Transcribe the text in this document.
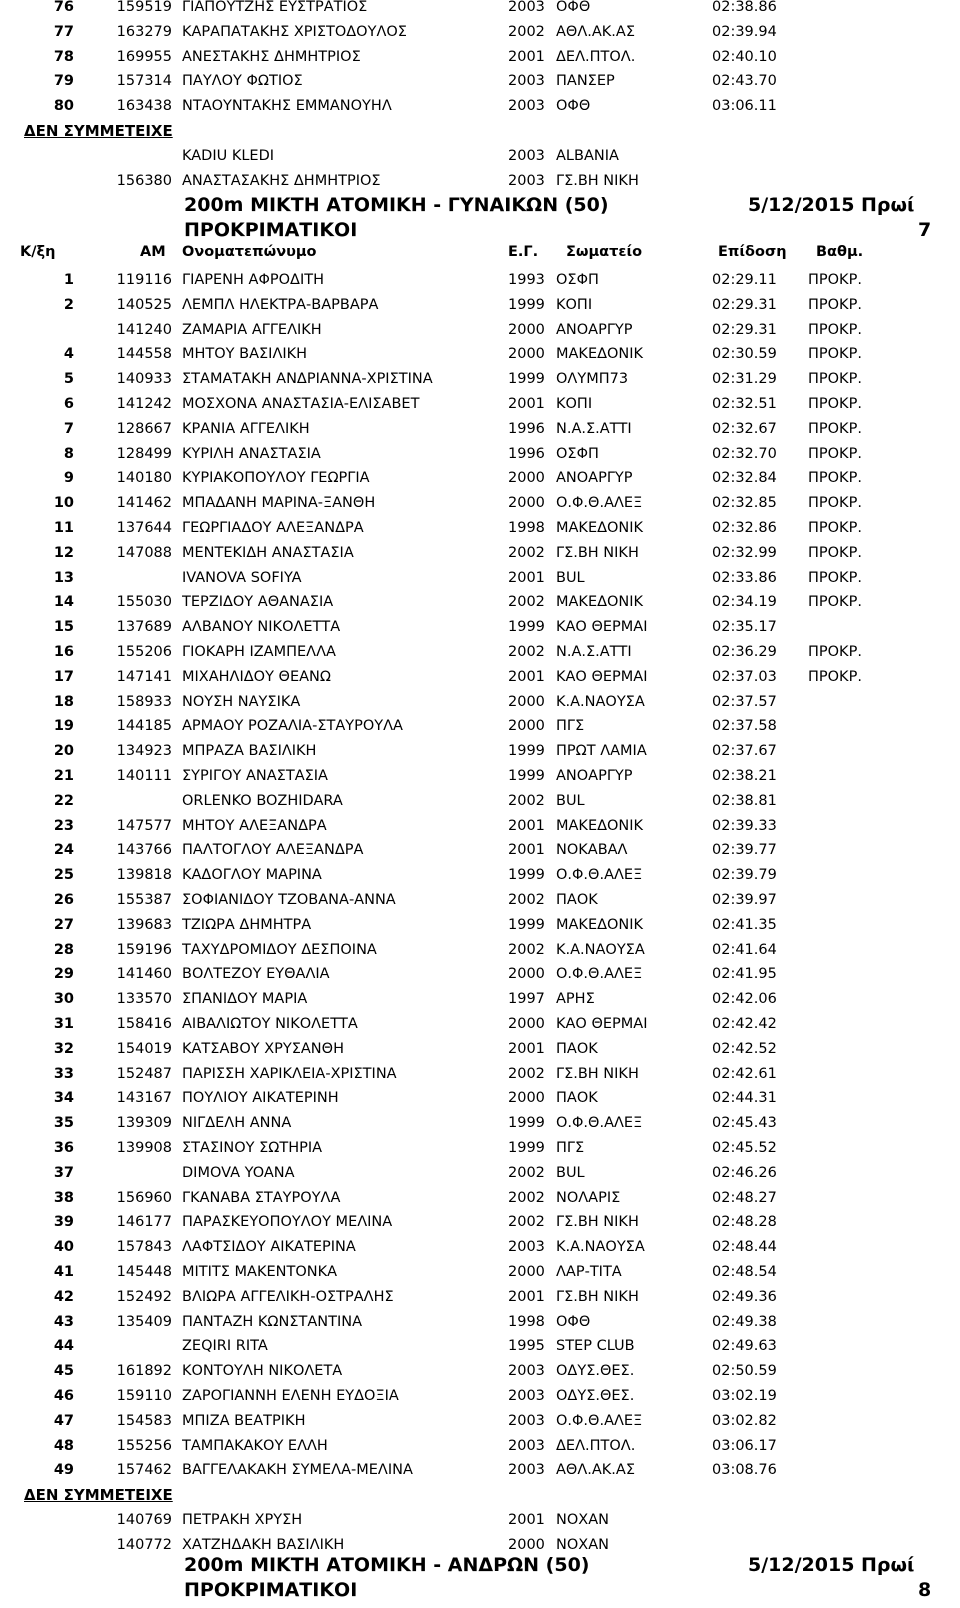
76	159519 ΓΙΑΠΟΥΤΖΗΣ ΕΥΣΤΡΑΤΙΟΣ	2003 ΟΦΘ	02:38.86
77	163279 ΚΑΡΑΠΑΤΑΚΗΣ ΧΡΙΣΤΟΔΟΥΛΟΣ	2002 ΑΘΛ.ΑΚ.ΑΣ	02:39.94
78	169955 ΑΝΕΣΤΑΚΗΣ ΔΗΜΗΤΡΙΟΣ	2001 ΔΕΛ.ΠΤΟΛ.	02:40.10
79	157314 ΠΑΥΛΟΥ ΦΩΤΙΟΣ	2003 ΠΑΝΣΕΡ	02:43.70
80	163438 ΝΤΑΟΥΝΤΑΚΗΣ ΕΜΜΑΝΟΥΗΛ	2003 ΟΦΘ	03:06.11
ΔΕΝ ΣΥΜΜΕΤΕΙΧΕ
KADIU KLEDI	2003 ALBANIA
156380 ΑΝΑΣΤΑΣΑΚΗΣ ΔΗΜΗΤΡΙΟΣ	2003 ΓΣ.ΒΗ ΝΙΚΗ
200m ΜΙΚΤΗ ΑΤΟΜΙΚΗ - ΓΥΝΑΙΚΩΝ (50)	5/12/2015 Πρωί
ΠΡΟΚΡΙΜΑΤΙΚΟΙ	7
Κ/ξη	ΑΜ Ονοματεπώνυμο	Ε.Γ. Σωματείο	Επίδοση Βαθμ.
1	119116 ΓΙΑΡΕΝΗ ΑΦΡΟΔΙΤΗ	1993 ΟΣΦΠ	02:29.11	ΠΡΟΚΡ.
2	140525 ΛΕΜΠΛ ΗΛΕΚΤΡΑ-ΒΑΡΒΑΡΑ	1999 ΚΟΠΙ	02:29.31	ΠΡΟΚΡ.
141240 ΖΑΜΑΡΙΑ ΑΓΓΕΛΙΚΗ	2000 ΑΝΟΑΡΓΥΡ	02:29.31	ΠΡΟΚΡ.
4	144558 ΜΗΤΟΥ ΒΑΣΙΛΙΚΗ	2000 ΜΑΚΕΔΟΝΙΚ	02:30.59	ΠΡΟΚΡ.
5	140933 ΣΤΑΜΑΤΑΚΗ ΑΝΔΡΙΑΝΝΑ-ΧΡΙΣΤΙΝΑ	1999 ΟΛΥΜΠ73	02:31.29	ΠΡΟΚΡ.
6	141242 ΜΟΣΧΟΝΑ ΑΝΑΣΤΑΣΙΑ-ΕΛΙΣΑΒΕΤ	2001 ΚΟΠΙ	02:32.51	ΠΡΟΚΡ.
7	128667 ΚΡΑΝΙΑ ΑΓΓΕΛΙΚΗ	1996 Ν.Α.Σ.ΑΤΤΙ	02:32.67	ΠΡΟΚΡ.
8	128499 ΚΥΡΙΛΗ ΑΝΑΣΤΑΣΙΑ	1996 ΟΣΦΠ	02:32.70	ΠΡΟΚΡ.
9	140180 ΚΥΡΙΑΚΟΠΟΥΛΟΥ ΓΕΩΡΓΙΑ	2000 ΑΝΟΑΡΓΥΡ	02:32.84	ΠΡΟΚΡ.
10	141462 ΜΠΑΔΑΝΗ ΜΑΡΙΝΑ-ΞΑΝΘΗ	2000 Ο.Φ.Θ.ΑΛΕΞ	02:32.85	ΠΡΟΚΡ.
11	137644 ΓΕΩΡΓΙΑΔΟΥ ΑΛΕΞΑΝΔΡΑ	1998 ΜΑΚΕΔΟΝΙΚ	02:32.86	ΠΡΟΚΡ.
12	147088 ΜΕΝΤΕΚΙΔΗ ΑΝΑΣΤΑΣΙΑ	2002 ΓΣ.ΒΗ ΝΙΚΗ	02:32.99	ΠΡΟΚΡ.
13	IVANOVA SOFIYA	2001 BUL	02:33.86	ΠΡΟΚΡ.
14	155030 ΤΕΡΖΙΔΟΥ ΑΘΑΝΑΣΙΑ	2002 ΜΑΚΕΔΟΝΙΚ	02:34.19	ΠΡΟΚΡ.
15	137689 ΑΛΒΑΝΟΥ ΝΙΚΟΛΕΤΤΑ	1999 ΚΑΟ ΘΕΡΜΑΙ	02:35.17
16	155206 ΓΙΟΚΑΡΗ ΙΖΑΜΠΕΛΛΑ	2002 Ν.Α.Σ.ΑΤΤΙ	02:36.29	ΠΡΟΚΡ.
17	147141 ΜΙΧΑΗΛΙΔΟΥ ΘΕΑΝΩ	2001 ΚΑΟ ΘΕΡΜΑΙ	02:37.03	ΠΡΟΚΡ.
18	158933 ΝΟΥΣΗ ΝΑΥΣΙΚΑ	2000 Κ.Α.ΝΑΟΥΣΑ	02:37.57
19	144185 ΑΡΜΑΟΥ ΡΟΖΑΛΙΑ-ΣΤΑΥΡΟΥΛΑ	2000 ΠΓΣ	02:37.58
20	134923 ΜΠΡΑΖΑ ΒΑΣΙΛΙΚΗ	1999 ΠΡΩΤ ΛΑΜΙΑ	02:37.67
21	140111 ΣΥΡΙΓΟΥ ΑΝΑΣΤΑΣΙΑ	1999 ΑΝΟΑΡΓΥΡ	02:38.21
22	ORLENKO BOZHIDARA	2002 BUL	02:38.81
23	147577 ΜΗΤΟΥ ΑΛΕΞΑΝΔΡΑ	2001 ΜΑΚΕΔΟΝΙΚ	02:39.33
24	143766 ΠΑΛΤΟΓΛΟΥ ΑΛΕΞΑΝΔΡΑ	2001 ΝΟΚΑΒΑΛ	02:39.77
25	139818 ΚΑΔΟΓΛΟΥ ΜΑΡΙΝΑ	1999 Ο.Φ.Θ.ΑΛΕΞ	02:39.79
26	155387 ΣΟΦΙΑΝΙΔΟΥ ΤΖΟΒΑΝΑ-ΑΝΝΑ	2002 ΠΑΟΚ	02:39.97
27	139683 ΤΖΙΩΡΑ ΔΗΜΗΤΡΑ	1999 ΜΑΚΕΔΟΝΙΚ	02:41.35
28	159196 ΤΑΧΥΔΡΟΜΙΔΟΥ ΔΕΣΠΟΙΝΑ	2002 Κ.Α.ΝΑΟΥΣΑ	02:41.64
29	141460 ΒΟΛΤΕΖΟΥ ΕΥΘΑΛΙΑ	2000 Ο.Φ.Θ.ΑΛΕΞ	02:41.95
30	133570 ΣΠΑΝΙΔΟΥ ΜΑΡΙΑ	1997 ΑΡΗΣ	02:42.06
31	158416 ΑΙΒΑΛΙΩΤΟΥ ΝΙΚΟΛΕΤΤΑ	2000 ΚΑΟ ΘΕΡΜΑΙ	02:42.42
32	154019 ΚΑΤΣΑΒΟΥ ΧΡΥΣΑΝΘΗ	2001 ΠΑΟΚ	02:42.52
33	152487 ΠΑΡΙΣΣΗ ΧΑΡΙΚΛΕΙΑ-ΧΡΙΣΤΙΝΑ	2002 ΓΣ.ΒΗ ΝΙΚΗ	02:42.61
34	143167 ΠΟΥΛΙΟΥ ΑΙΚΑΤΕΡΙΝΗ	2000 ΠΑΟΚ	02:44.31
35	139309 ΝΙΓΔΕΛΗ ΑΝΝΑ	1999 Ο.Φ.Θ.ΑΛΕΞ	02:45.43
36	139908 ΣΤΑΣΙΝΟΥ ΣΩΤΗΡΙΑ	1999 ΠΓΣ	02:45.52
37	DIMOVA YOANA	2002 BUL	02:46.26
38	156960 ΓΚΑΝΑΒΑ ΣΤΑΥΡΟΥΛΑ	2002 ΝΟΛΑΡΙΣ	02:48.27
39	146177 ΠΑΡΑΣΚΕΥΟΠΟΥΛΟΥ ΜΕΛΙΝΑ	2002 ΓΣ.ΒΗ ΝΙΚΗ	02:48.28
40	157843 ΛΑΦΤΣΙΔΟΥ ΑΙΚΑΤΕΡΙΝΑ	2003 Κ.Α.ΝΑΟΥΣΑ	02:48.44
41	145448 ΜΙΤΙΤΣ ΜΑΚΕΝΤΟΝΚΑ	2000 ΛΑΡ-ΤΙΤΑ	02:48.54
42	152492 ΒΛΙΩΡΑ ΑΓΓΕΛΙΚΗ-ΟΣΤΡΑΛΗΣ	2001 ΓΣ.ΒΗ ΝΙΚΗ	02:49.36
43	135409 ΠΑΝΤΑΖΗ ΚΩΝΣΤΑΝΤΙΝΑ	1998 ΟΦΘ	02:49.38
44	ZEQIRI RITA	1995 STEP CLUB	02:49.63
45	161892 ΚΟΝΤΟΥΛΗ ΝΙΚΟΛΕΤΑ	2003 ΟΔΥΣ.ΘΕΣ.	02:50.59
46	159110 ΖΑΡΟΓΙΑΝΝΗ ΕΛΕΝΗ ΕΥΔΟΞΙΑ	2003 ΟΔΥΣ.ΘΕΣ.	03:02.19
47	154583 ΜΠΙΖΑ ΒΕΑΤΡΙΚΗ	2003 Ο.Φ.Θ.ΑΛΕΞ	03:02.82
48	155256 ΤΑΜΠΑΚΑΚΟΥ ΕΛΛΗ	2003 ΔΕΛ.ΠΤΟΛ.	03:06.17
49	157462 ΒΑΓΓΕΛΑΚΑΚΗ ΣΥΜΕΛΑ-ΜΕΛΙΝΑ	2003 ΑΘΛ.ΑΚ.ΑΣ	03:08.76
ΔΕΝ ΣΥΜΜΕΤΕΙΧΕ
140769 ΠΕΤΡΑΚΗ ΧΡΥΣΗ	2001 ΝΟΧΑΝ
140772 ΧΑΤΖΗΔΑΚΗ ΒΑΣΙΛΙΚΗ	2000 ΝΟΧΑΝ
200m ΜΙΚΤΗ ΑΤΟΜΙΚΗ - ΑΝΔΡΩΝ (50)	5/12/2015 Πρωί
ΠΡΟΚΡΙΜΑΤΙΚΟΙ	8
